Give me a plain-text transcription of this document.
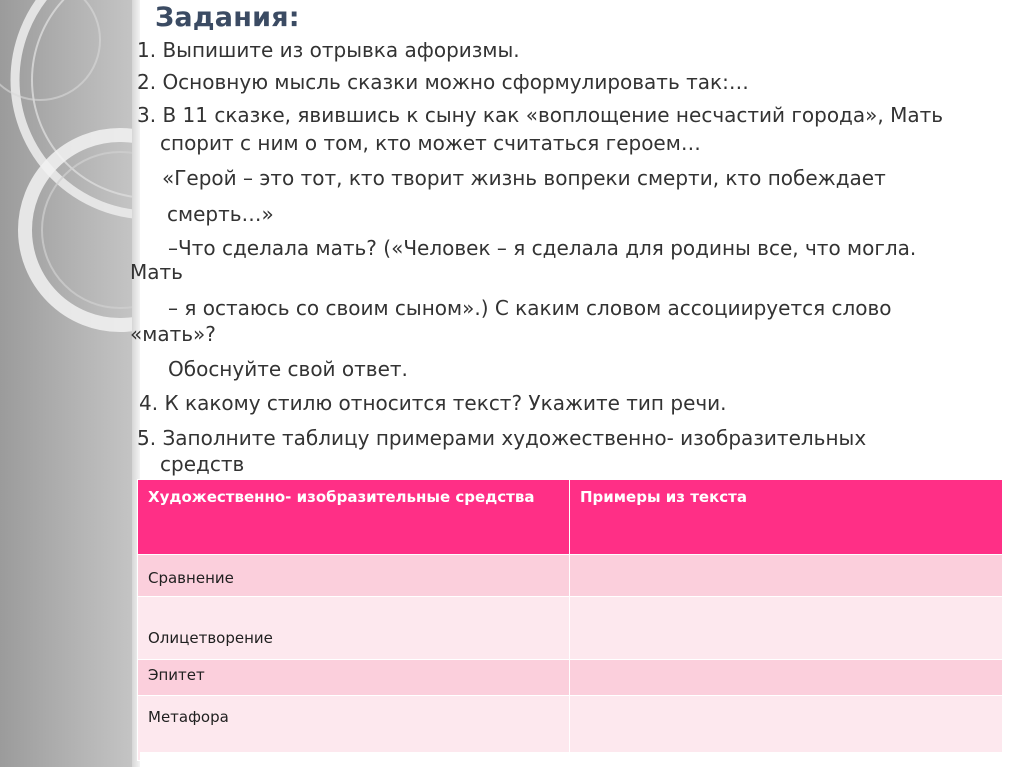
Задания:
1. Выпишите из отрывка афоризмы.
2. Основную мысль сказки можно сформулировать так:…
3. В 11 сказке, явившись к сыну как «воплощение несчастий города», Мать
спорит с ним о том, кто может считаться героем…
«Герой – это тот, кто творит жизнь вопреки смерти, кто побеждает
смерть…»
–Что сделала мать? («Человек – я сделала для родины все, что могла.
Мать
– я остаюсь со своим сыном».) С каким словом ассоциируется слово
«мать»?
Обоснуйте свой ответ.
4. К какому стилю относится текст? Укажите тип речи.
5. Заполните таблицу примерами художественно- изобразительных
средств
Художественно- изобразительные средства	Примеры из текста
Сравнение	
Олицетворение	
Эпитет	
Метафора	
